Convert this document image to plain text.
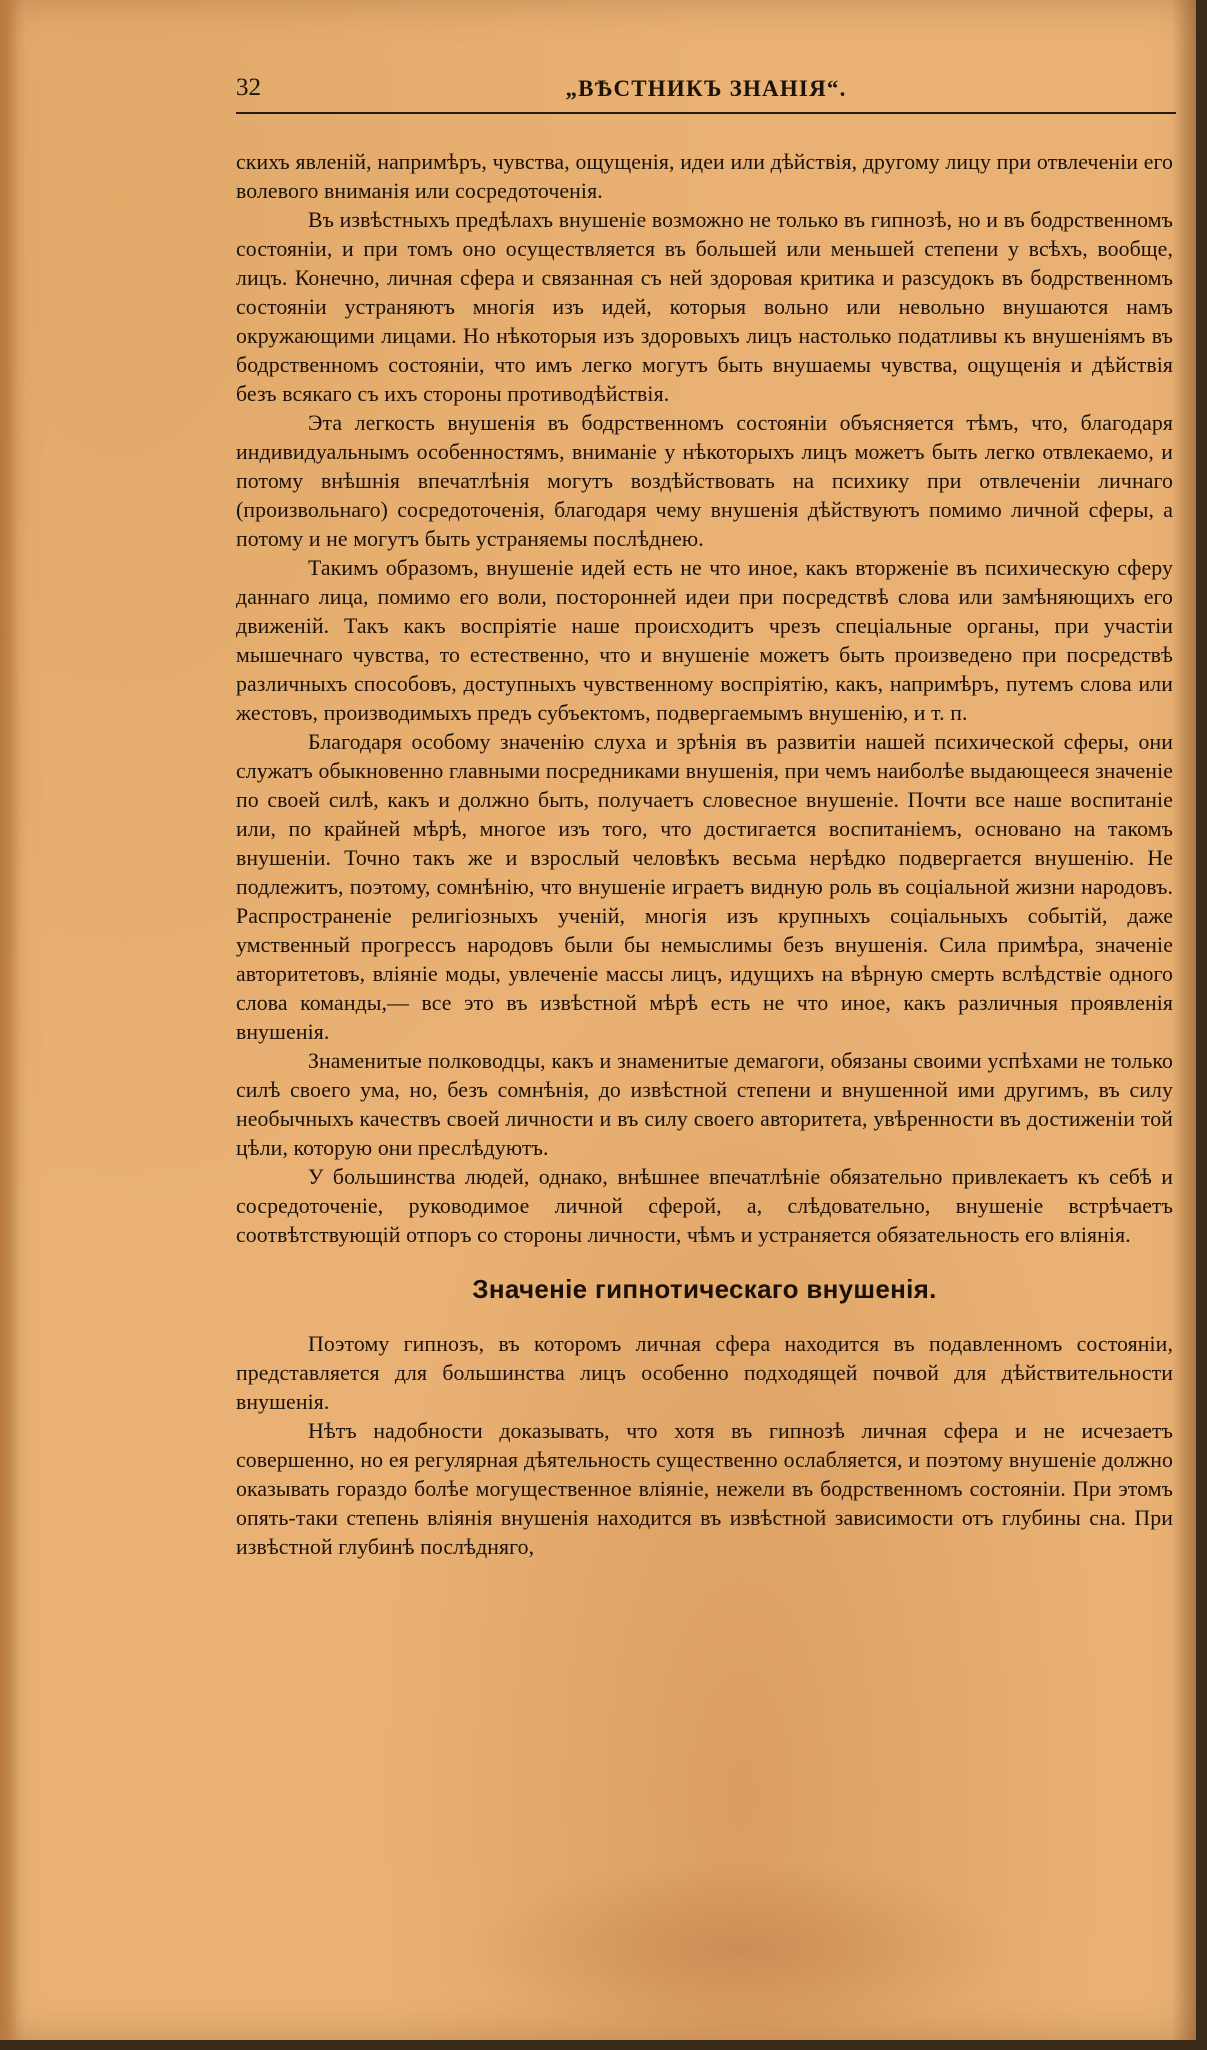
32	„ВѢСТНИКЪ ЗНАНІЯ“.

скихъ явленій, напримѣръ, чувства, ощущенія, идеи или дѣйствія, другому лицу при отвлеченіи его волевого вниманія или сосредоточенія.

Въ извѣстныхъ предѣлахъ внушеніе возможно не только въ гипнозѣ, но и въ бодрственномъ состояніи, и при томъ оно осуществляется въ большей или меньшей степени у всѣхъ, вообще, лицъ. Конечно, личная сфера и связанная съ ней здоровая критика и разсудокъ въ бодрственномъ состояніи устраняютъ многія изъ идей, которыя вольно или невольно внушаются намъ окружающими лицами. Но нѣкоторыя изъ здоровыхъ лицъ настолько податливы къ внушеніямъ въ бодрственномъ состояніи, что имъ легко могутъ быть внушаемы чувства, ощущенія и дѣйствія безъ всякаго съ ихъ стороны противодѣйствія.

Эта легкость внушенія въ бодрственномъ состояніи объясняется тѣмъ, что, благодаря индивидуальнымъ особенностямъ, вниманіе у нѣкоторыхъ лицъ можетъ быть легко отвлекаемо, и потому внѣшнія впечатлѣнія могутъ воздѣйствовать на психику при отвлеченіи личнаго (произвольнаго) сосредоточенія, благодаря чему внушенія дѣйствуютъ помимо личной сферы, а потому и не могутъ быть устраняемы послѣднею.

Такимъ образомъ, внушеніе идей есть не что иное, какъ вторженіе въ психическую сферу даннаго лица, помимо его воли, посторонней идеи при посредствѣ слова или замѣняющихъ его движеній. Такъ какъ воспріятіе наше происходитъ чрезъ спеціальные органы, при участіи мышечнаго чувства, то естественно, что и внушеніе можетъ быть произведено при посредствѣ различныхъ способовъ, доступныхъ чувственному воспріятію, какъ, напримѣръ, путемъ слова или жестовъ, производимыхъ предъ субъектомъ, подвергаемымъ внушенію, и т. п.

Благодаря особому значенію слуха и зрѣнія въ развитіи нашей психической сферы, они служатъ обыкновенно главными посредниками внушенія, при чемъ наиболѣе выдающееся значеніе по своей силѣ, какъ и должно быть, получаетъ словесное внушеніе. Почти все наше воспитаніе или, по крайней мѣрѣ, многое изъ того, что достигается воспитаніемъ, основано на такомъ внушеніи. Точно такъ же и взрослый человѣкъ весьма нерѣдко подвергается внушенію. Не подлежитъ, поэтому, сомнѣнію, что внушеніе играетъ видную роль въ соціальной жизни народовъ. Распространеніе религіозныхъ ученій, многія изъ крупныхъ соціальныхъ событій, даже умственный прогрессъ народовъ были бы немыслимы безъ внушенія. Сила примѣра, значеніе авторитетовъ, вліяніе моды, увлеченіе массы лицъ, идущихъ на вѣрную смерть вслѣдствіе одного слова команды,— все это въ извѣстной мѣрѣ есть не что иное, какъ различныя проявленія внушенія.

Знаменитые полководцы, какъ и знаменитые демагоги, обязаны своими успѣхами не только силѣ своего ума, но, безъ сомнѣнія, до извѣстной степени и внушенной ими другимъ, въ силу необычныхъ качествъ своей личности и въ силу своего авторитета, увѣренности въ достиженіи той цѣли, которую они преслѣдуютъ.

У большинства людей, однако, внѣшнее впечатлѣніе обязательно привлекаетъ къ себѣ и сосредоточеніе, руководимое личной сферой, а, слѣдовательно, внушеніе встрѣчаетъ соотвѣтствующій отпоръ со стороны личности, чѣмъ и устраняется обязательность его вліянія.

Значеніе гипнотическаго внушенія.

Поэтому гипнозъ, въ которомъ личная сфера находится въ подавленномъ состояніи, представляется для большинства лицъ особенно подходящей почвой для дѣйствительности внушенія.

Нѣтъ надобности доказывать, что хотя въ гипнозѣ личная сфера и не исчезаетъ совершенно, но ея регулярная дѣятельность существенно ослабляется, и поэтому внушеніе должно оказывать гораздо болѣе могущественное вліяніе, нежели въ бодрственномъ состояніи. При этомъ опять-таки степень вліянія внушенія находится въ извѣстной зависимости отъ глубины сна. При извѣстной глубинѣ послѣдняго,
